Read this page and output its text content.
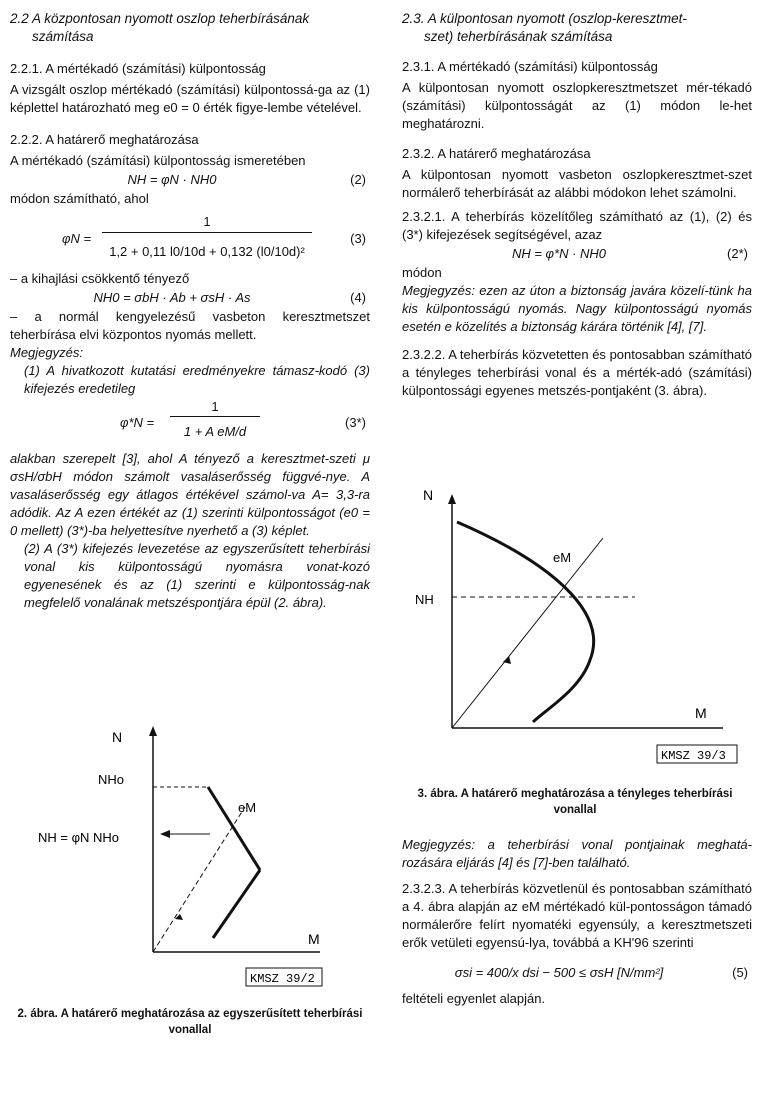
2.2 A központosan nyomott oszlop teherbírásának
számítása
2.2.1. A mértékadó (számítási) külpontosság

A vizsgált oszlop mértékadó (számítási) külpontossá-ga az (1) képlettel határozható meg e0 = 0 érték figye-lembe vételével.

2.2.2. A határerő meghatározása

A mértékadó (számítási) külpontosság ismeretében

NH = φN · NH0	(2)

módon számítható, ahol

φN =
1
1,2 + 0,11 l0/10d + 0,132 (l0/10d)²
(3)

– a kihajlási csökkentő tényező

NH0 = σbH · Ab + σsH · As	(4)

– a normál kengyelezésű vasbeton keresztmetszet teherbírása elvi központos nyomás mellett.

Megjegyzés:

(1) A hivatkozott kutatási eredményekre támasz-kodó (3) kifejezés eredetileg

φ*N =
1
1 + A eM/d
(3*)

alakban szerepelt [3], ahol A tényező a keresztmet-szeti μ σsH/σbH módon számolt vasaláserősség függvé-nye. A vasaláserősség egy átlagos értékével számol-va A= 3,3-ra adódik. Az A ezen értékét az (1) szerinti külpontosságot (e0 = 0 mellett) (3*)-ba helyettesítve nyerhető a (3) képlet.

(2) A (3*) kifejezés levezetése az egyszerűsített teherbírási vonal kis külpontosságú nyomásra vonat-kozó egyenesének és az (1) szerinti e külpontosság-nak megfelelő vonalának metszéspontjára épül (2. ábra).

N
NHo
NH = φN NHo
eM
M
KMSZ 39/2
2. ábra. A határerő meghatározása az egyszerűsített teherbírási vonallal
2.3. A külpontosan nyomott (oszlop-keresztmet-
szet) teherbírásának számítása
2.3.1. A mértékadó (számítási) külpontosság

A külpontosan nyomott oszlopkeresztmetszet mér-tékadó (számítási) külpontosságát az (1) módon le-het meghatározni.

2.3.2. A határerő meghatározása

A külpontosan nyomott vasbeton oszlopkeresztmet-szet normálerő teherbírását az alábbi módokon lehet számolni.

2.3.2.1. A teherbírás közelítőleg számítható az (1), (2) és (3*) kifejezések segítségével, azaz

NH = φ*N · NH0	(2*)

módon

Megjegyzés: ezen az úton a biztonság javára közelí-tünk ha kis külpontosságú nyomás. Nagy külpontosságú nyomás esetén e közelítés a biztonság kárára történik [4], [7].

2.3.2.2. A teherbírás közvetetten és pontosabban számítható a tényleges teherbírási vonal és a mérték-adó (számítási) külpontossági egyenes metszés-pontjaként (3. ábra).

N
NH
eM
M
KMSZ 39/3
3. ábra. A határerő meghatározása a tényleges teherbírási vonallal

Megjegyzés: a teherbírási vonal pontjainak meghatá-rozására eljárás [4] és [7]-ben található.

2.3.2.3. A teherbírás közvetlenül és pontosabban számítható a 4. ábra alapján az eM mértékadó kül-pontosságon támadó normálerőre felírt nyomatéki egyensúly, a keresztmetszeti erők vetületi egyensú-lya, továbbá a KH'96 szerinti

σsi = 400/x dsi − 500 ≤ σsH [N/mm²]	(5)

feltételi egyenlet alapján.
